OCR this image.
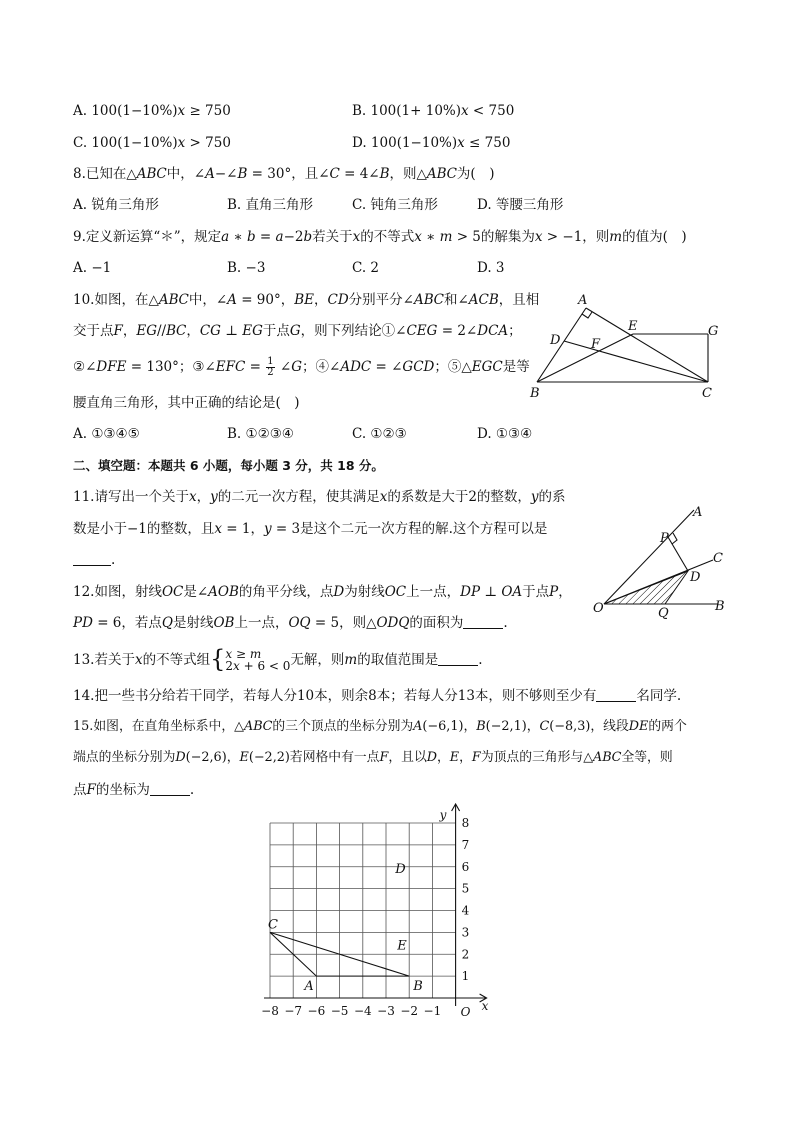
A. 100(1−10%)𝑥 ≥ 750	B. 100(1+ 10%)𝑥 < 750
C. 100(1−10%)𝑥 > 750	D. 100(1−10%)𝑥 ≤ 750
8.已知在△𝐴𝐵𝐶中，∠𝐴−∠𝐵 = 30°，且∠𝐶 = 4∠𝐵，则△𝐴𝐵𝐶为(　)
A. 锐角三角形	B. 直角三角形	C. 钝角三角形	D. 等腰三角形
9.定义新运算“＊”，规定𝑎 ∗ 𝑏 = 𝑎−2𝑏若关于𝑥的不等式𝑥 ∗ 𝑚 > 5的解集为𝑥 > −1，则𝑚的值为(　)
A. −1	B. −3	C. 2	D. 3
10.如图，在△𝐴𝐵𝐶中，∠𝐴 = 90°，𝐵𝐸，𝐶𝐷分别平分∠𝐴𝐵𝐶和∠𝐴𝐶𝐵，且相
交于点𝐹，𝐸𝐺//𝐵𝐶，𝐶𝐺 ⊥ 𝐸𝐺于点𝐺，则下列结论①∠𝐶𝐸𝐺 = 2∠𝐷𝐶𝐴；
②∠𝐷𝐹𝐸 = 130°；③∠𝐸𝐹𝐶 = $\frac{1}{2}$ ∠𝐺；④∠𝐴𝐷𝐶 = ∠𝐺𝐶𝐷；⑤△𝐸𝐺𝐶是等
腰直角三角形，其中正确的结论是(　)
A. ①③④⑤	B. ①②③④	C. ①②③	D. ①③④
A
B	C
D
E
F
G
二、填空题：本题共 6 小题，每小题 3 分，共 18 分。
11.请写出一个关于𝑥，𝑦的二元一次方程，使其满足𝑥的系数是大于2的整数，𝑦的系
数是小于−1的整数，且𝑥 = 1，𝑦 = 3是这个二元一次方程的解.这个方程可以是
.
12.如图，射线𝑂𝐶是∠𝐴𝑂𝐵的角平分线，点𝐷为射线𝑂𝐶上一点，𝐷𝑃 ⊥ 𝑂𝐴于点𝑃，
𝑃𝐷 = 6，若点𝑄是射线𝑂𝐵上一点，𝑂𝑄 = 5，则△𝑂𝐷𝑄的面积为	.
A
P
C
D
O	Q	B
13.若关于𝑥的不等式组{ 𝑥 ≥ 𝑚
2𝑥 + 6 < 0 无解，则𝑚的取值范围是	.
14.把一些书分给若干同学，若每人分10本，则余8本；若每人分13本，则不够则至少有	名同学.
15.如图，在直角坐标系中，△𝐴𝐵𝐶的三个顶点的坐标分别为𝐴(−6,1)，𝐵(−2,1)，𝐶(−8,3)，线段𝐷𝐸的两个
端点的坐标分别为𝐷(−2,6)，𝐸(−2,2)若网格中有一点𝐹，且以𝐷，𝐸，𝐹为顶点的三角形与△𝐴𝐵𝐶全等，则
点𝐹的坐标为	.
−8 −7 −6 −5 −4 −3 −2 −1
1
2
3
4
5
6
7
8
O x
y
A	B
C
D
E
